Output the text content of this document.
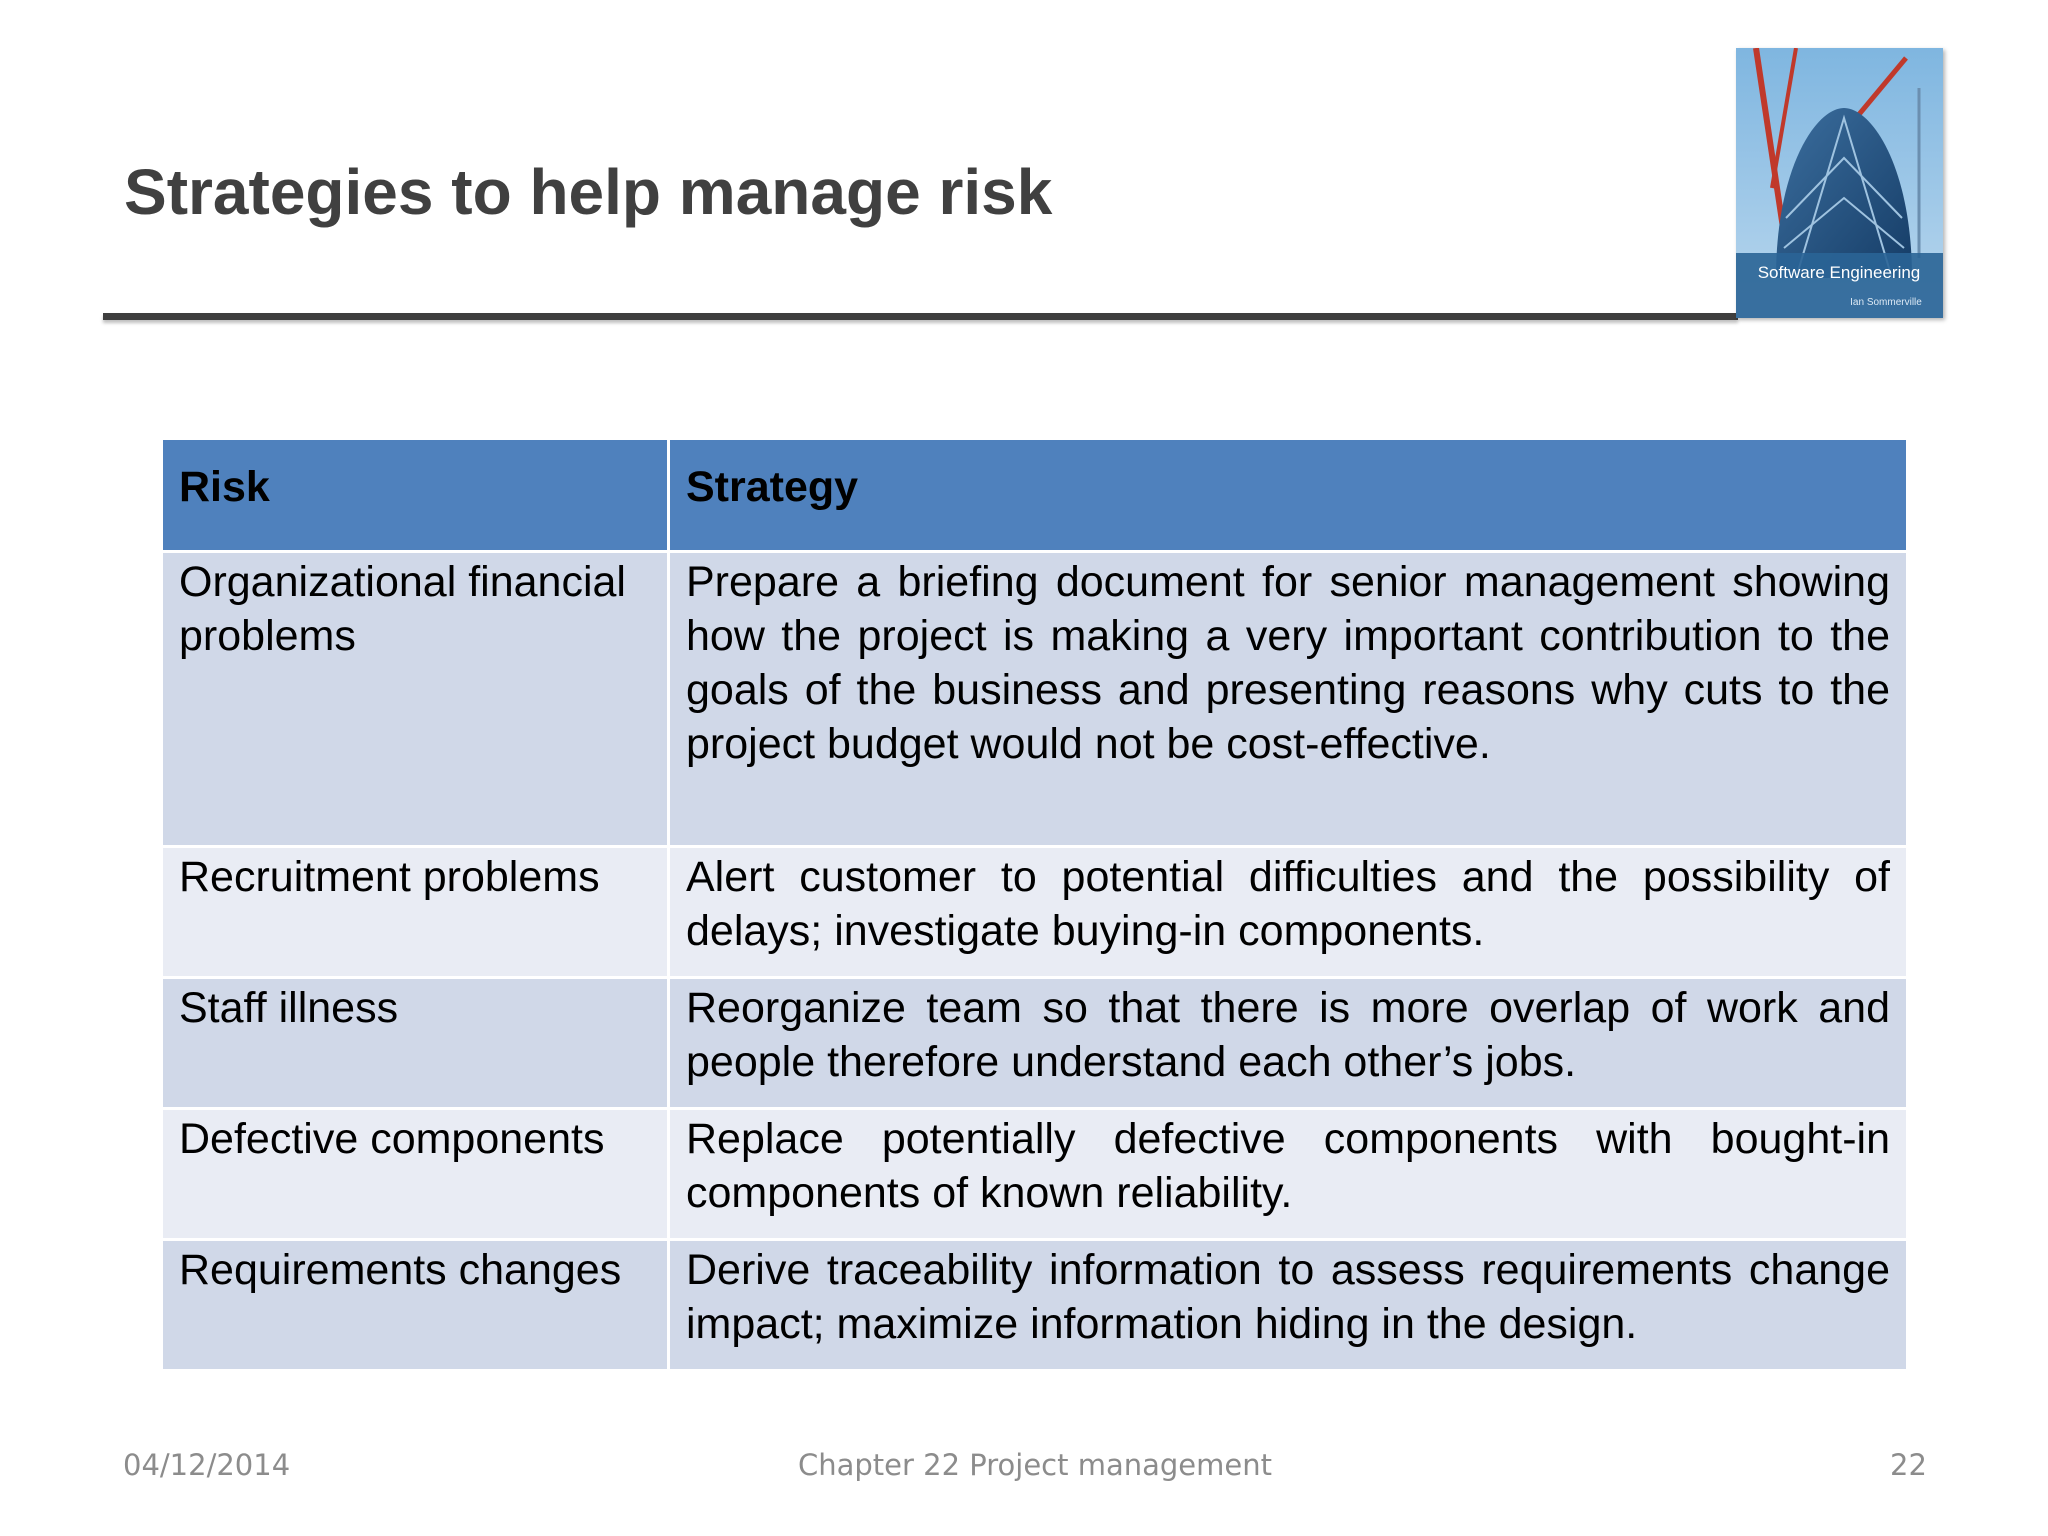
Strategies to help manage risk
Software Engineering
Ian Sommerville
Risk	Strategy
Organizational financial problems	Prepare a briefing document for senior management showing how the project is making a very important contribution to the goals of the business and presenting reasons why cuts to the project budget would not be cost-effective.
Recruitment problems	Alert customer to potential difficulties and the possibility of delays; investigate buying-in components.
Staff illness	Reorganize team so that there is more overlap of work and people therefore understand each other’s jobs.
Defective components	Replace potentially defective components with bought-in components of known reliability.
Requirements changes	Derive traceability information to assess requirements change impact; maximize information hiding in the design.
04/12/2014	Chapter 22 Project management	22
